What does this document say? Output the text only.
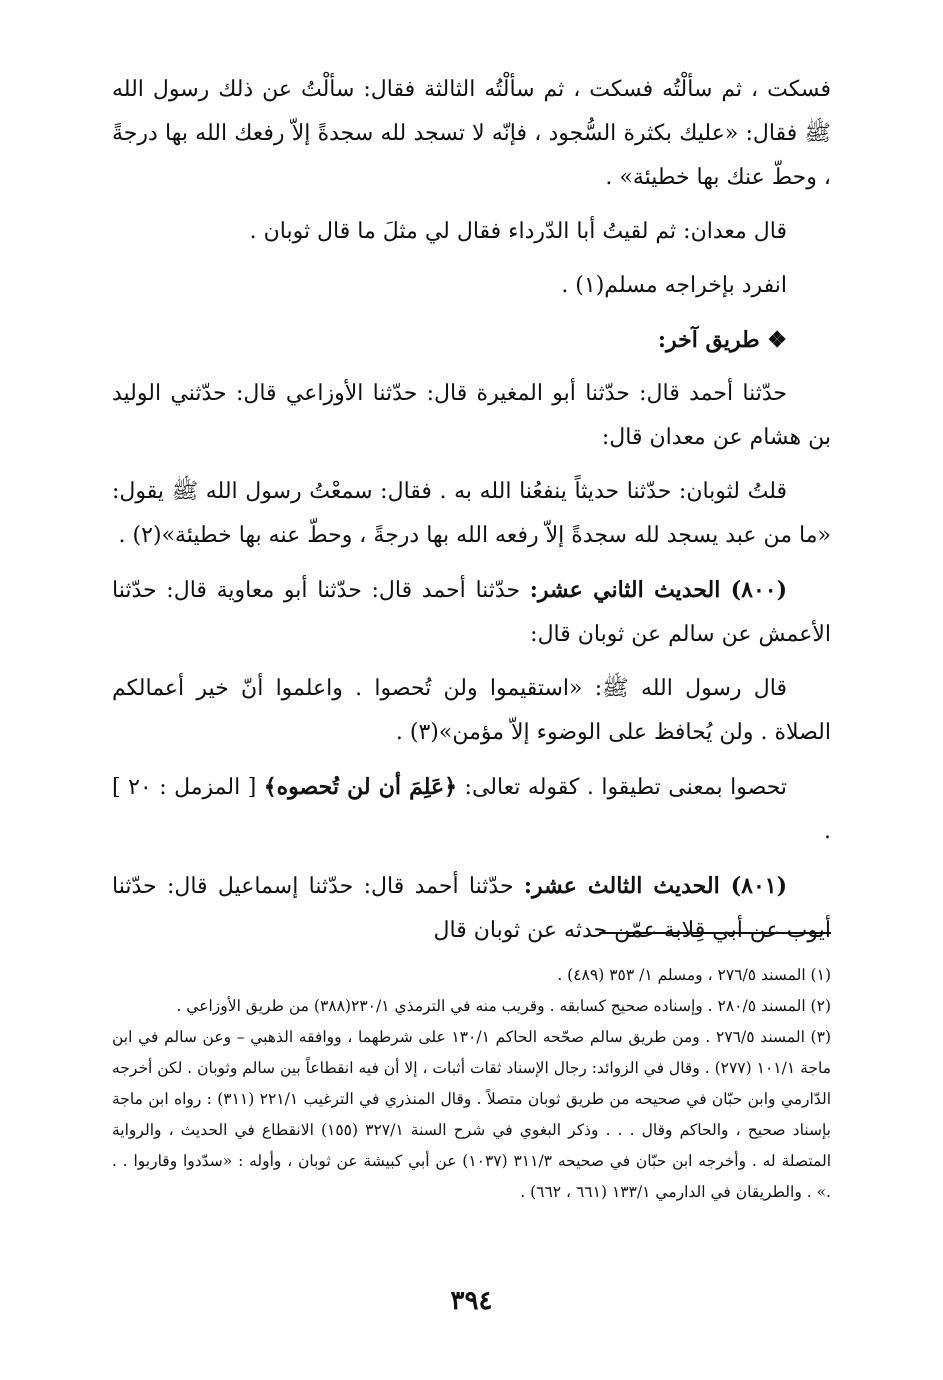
فسكت ، ثم سألْتُه فسكت ، ثم سألْتُه الثالثة فقال: سألْتُ عن ذلك رسول الله ﷺ فقال: «عليك بكثرة السُّجود ، فإنّه لا تسجد لله سجدةً إلاّ رفعك الله بها درجةً ، وحطّ عنك بها خطيئة» .

قال معدان: ثم لقيتُ أبا الدّرداء فقال لي مثلَ ما قال ثوبان .

انفرد بإخراجه مسلم(١) .

❖ طريق آخر:

حدّثنا أحمد قال: حدّثنا أبو المغيرة قال: حدّثنا الأوزاعي قال: حدّثني الوليد بن هشام عن معدان قال:

قلتُ لثوبان: حدّثنا حديثاً ينفعُنا الله به . فقال: سمعْتُ رسول الله ﷺ يقول: «ما من عبد يسجد لله سجدةً إلاّ رفعه الله بها درجةً ، وحطّ عنه بها خطيئة»(٢) .

(٨٠٠) الحديث الثاني عشر: حدّثنا أحمد قال: حدّثنا أبو معاوية قال: حدّثنا الأعمش عن سالم عن ثوبان قال:

قال رسول الله ﷺ: «استقيموا ولن تُحصوا . واعلموا أنّ خير أعمالكم الصلاة . ولن يُحافظ على الوضوء إلاّ مؤمن»(٣) .

تحصوا بمعنى تطيقوا . كقوله تعالى: ﴿عَلِمَ أن لن تُحصوه﴾ [ المزمل : ٢٠ ] .

(٨٠١) الحديث الثالث عشر: حدّثنا أحمد قال: حدّثنا إسماعيل قال: حدّثنا أيوب عن أبي قِلابة عمّن حدثه عن ثوبان قال

(١) المسند ٢٧٦/٥ ، ومسلم ١/ ٣٥٣ (٤٨٩) .

(٢) المسند ٢٨٠/٥ . وإسناده صحيح كسابقه . وقريب منه في الترمذي ٢٣٠/١(٣٨٨) من طريق الأوزاعي .

(٣) المسند ٢٧٦/٥ . ومن طريق سالم صحّحه الحاكم ١٣٠/١ على شرطهما ، ووافقه الذهبي – وعن سالم في ابن ماجة ١٠١/١ (٢٧٧) . وقال في الزوائد: رجال الإسناد ثقات أثبات ، إلا أن فيه انقطاعاً بين سالم وثوبان . لكن أخرجه الدّارمي وابن حبّان في صحيحه من طريق ثوبان متصلاً . وقال المنذري في الترغيب ٢٢١/١ (٣١١) : رواه ابن ماجة بإسناد صحيح ، والحاكم وقال . . . وذكر البغوي في شرح السنة ٣٢٧/١ (١٥٥) الانقطاع في الحديث ، والرواية المتصلة له . وأخرجه ابن حبّان في صحيحه ٣١١/٣ (١٠٣٧) عن أبي كبيشة عن ثوبان ، وأوله : «سدّدوا وقاربوا . . .» . والطريقان في الدارمي ١٣٣/١ (٦٦١ ، ٦٦٢) .

٣٩٤
